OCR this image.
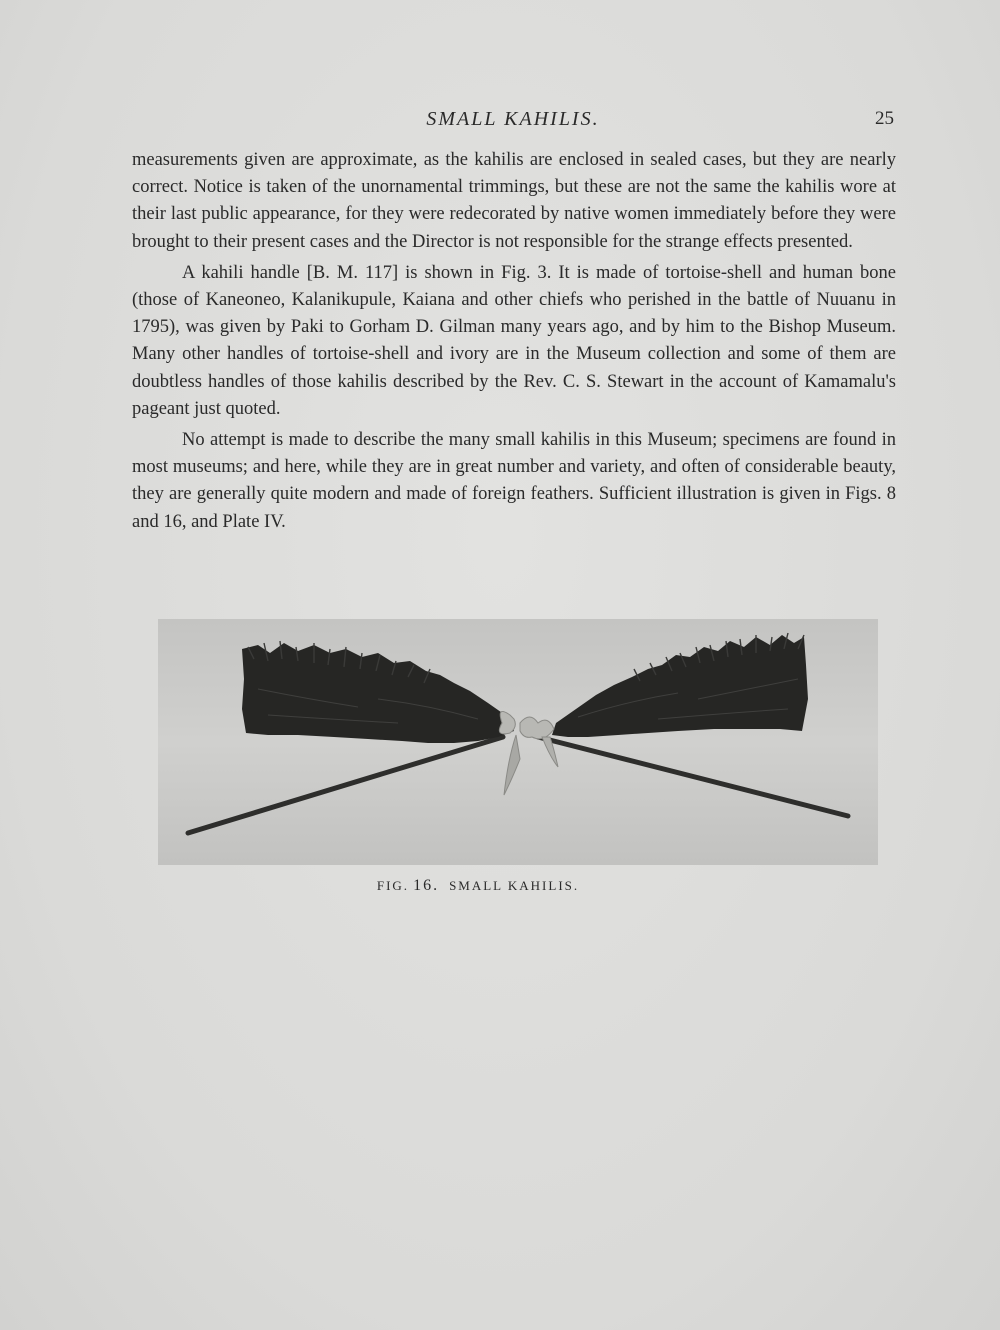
SMALL KAHILIS.	25

measurements given are approximate, as the kahilis are enclosed in sealed cases, but they are nearly correct. Notice is taken of the unornamental trimmings, but these are not the same the kahilis wore at their last public appearance, for they were redecorated by native women immediately before they were brought to their present cases and the Director is not responsible for the strange effects presented.

A kahili handle [B. M. 117] is shown in Fig. 3. It is made of tortoise-shell and human bone (those of Kaneoneo, Kalanikupule, Kaiana and other chiefs who perished in the battle of Nuuanu in 1795), was given by Paki to Gorham D. Gilman many years ago, and by him to the Bishop Museum. Many other handles of tortoise-shell and ivory are in the Museum collection and some of them are doubtless handles of those kahilis described by the Rev. C. S. Stewart in the account of Kamamalu's pageant just quoted.

No attempt is made to describe the many small kahilis in this Museum; specimens are found in most museums; and here, while they are in great number and variety, and often of considerable beauty, they are generally quite modern and made of foreign feathers. Sufficient illustration is given in Figs. 8 and 16, and Plate IV.

FIG. 16. SMALL KAHILIS.
